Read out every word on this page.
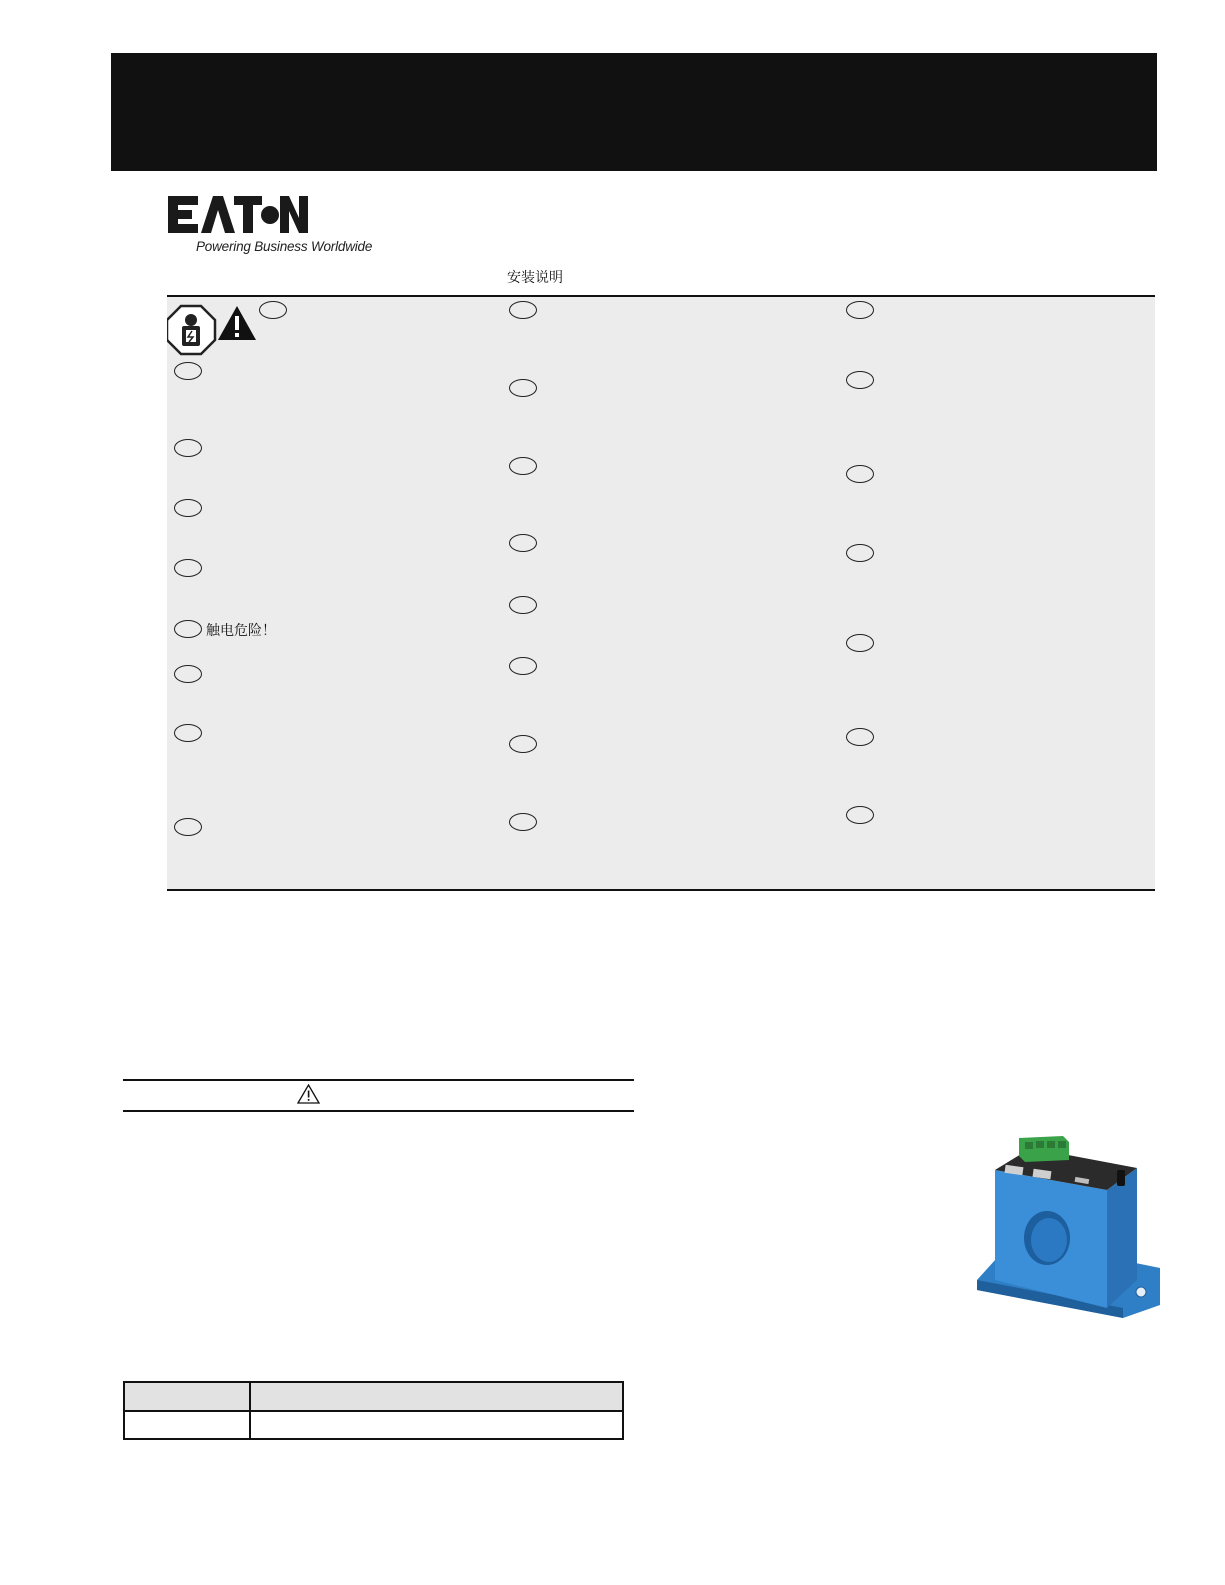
Powering Business Worldwide
安装说明
触电危险！
